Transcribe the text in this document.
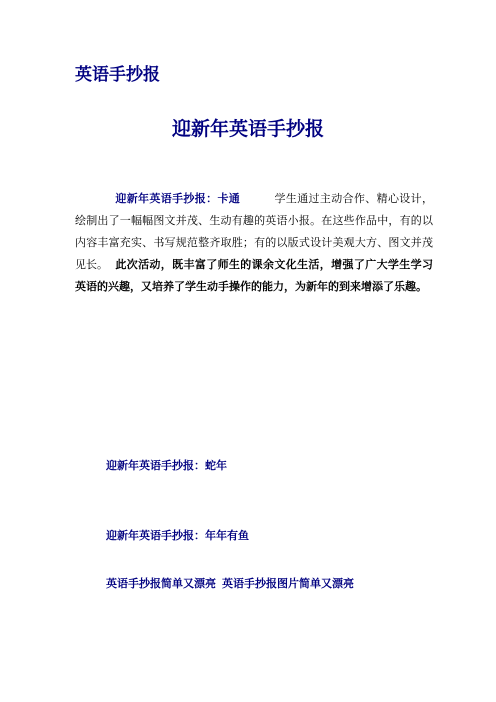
英语手抄报
迎新年英语手抄报
迎新年英语手抄报：卡通	学生通过主动合作、精心设计，绘制出了一幅幅图文并茂、生动有趣的英语小报。在这些作品中，有的以内容丰富充实、书写规范整齐取胜；有的以版式设计美观大方、图文并茂见长。 此次活动，既丰富了师生的课余文化生活，增强了广大学生学习英语的兴趣，又培养了学生动手操作的能力，为新年的到来增添了乐趣。
迎新年英语手抄报：蛇年
迎新年英语手抄报：年年有鱼
英语手抄报简单又漂亮 英语手抄报图片简单又漂亮
